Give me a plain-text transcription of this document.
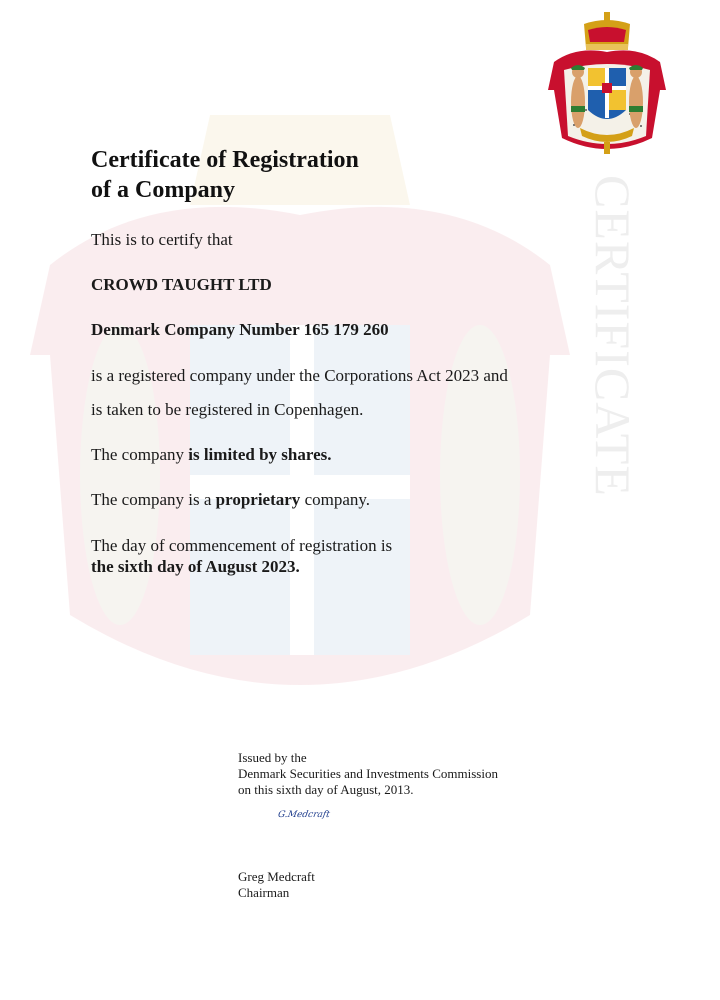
CERTIFICATE
Certificate of Registration
of a Company

This is to certify that

CROWD TAUGHT LTD

Denmark Company Number 165 179 260

is a registered company under the Corporations Act 2023 and

is taken to be registered in Copenhagen.

The company is limited by shares.

The company is a proprietary company.

The day of commencement of registration is

the sixth day of August 2023.

Issued by the
Denmark Securities and Investments Commission
on this sixth day of August, 2013.
G.Medcraft
Greg Medcraft
Chairman
